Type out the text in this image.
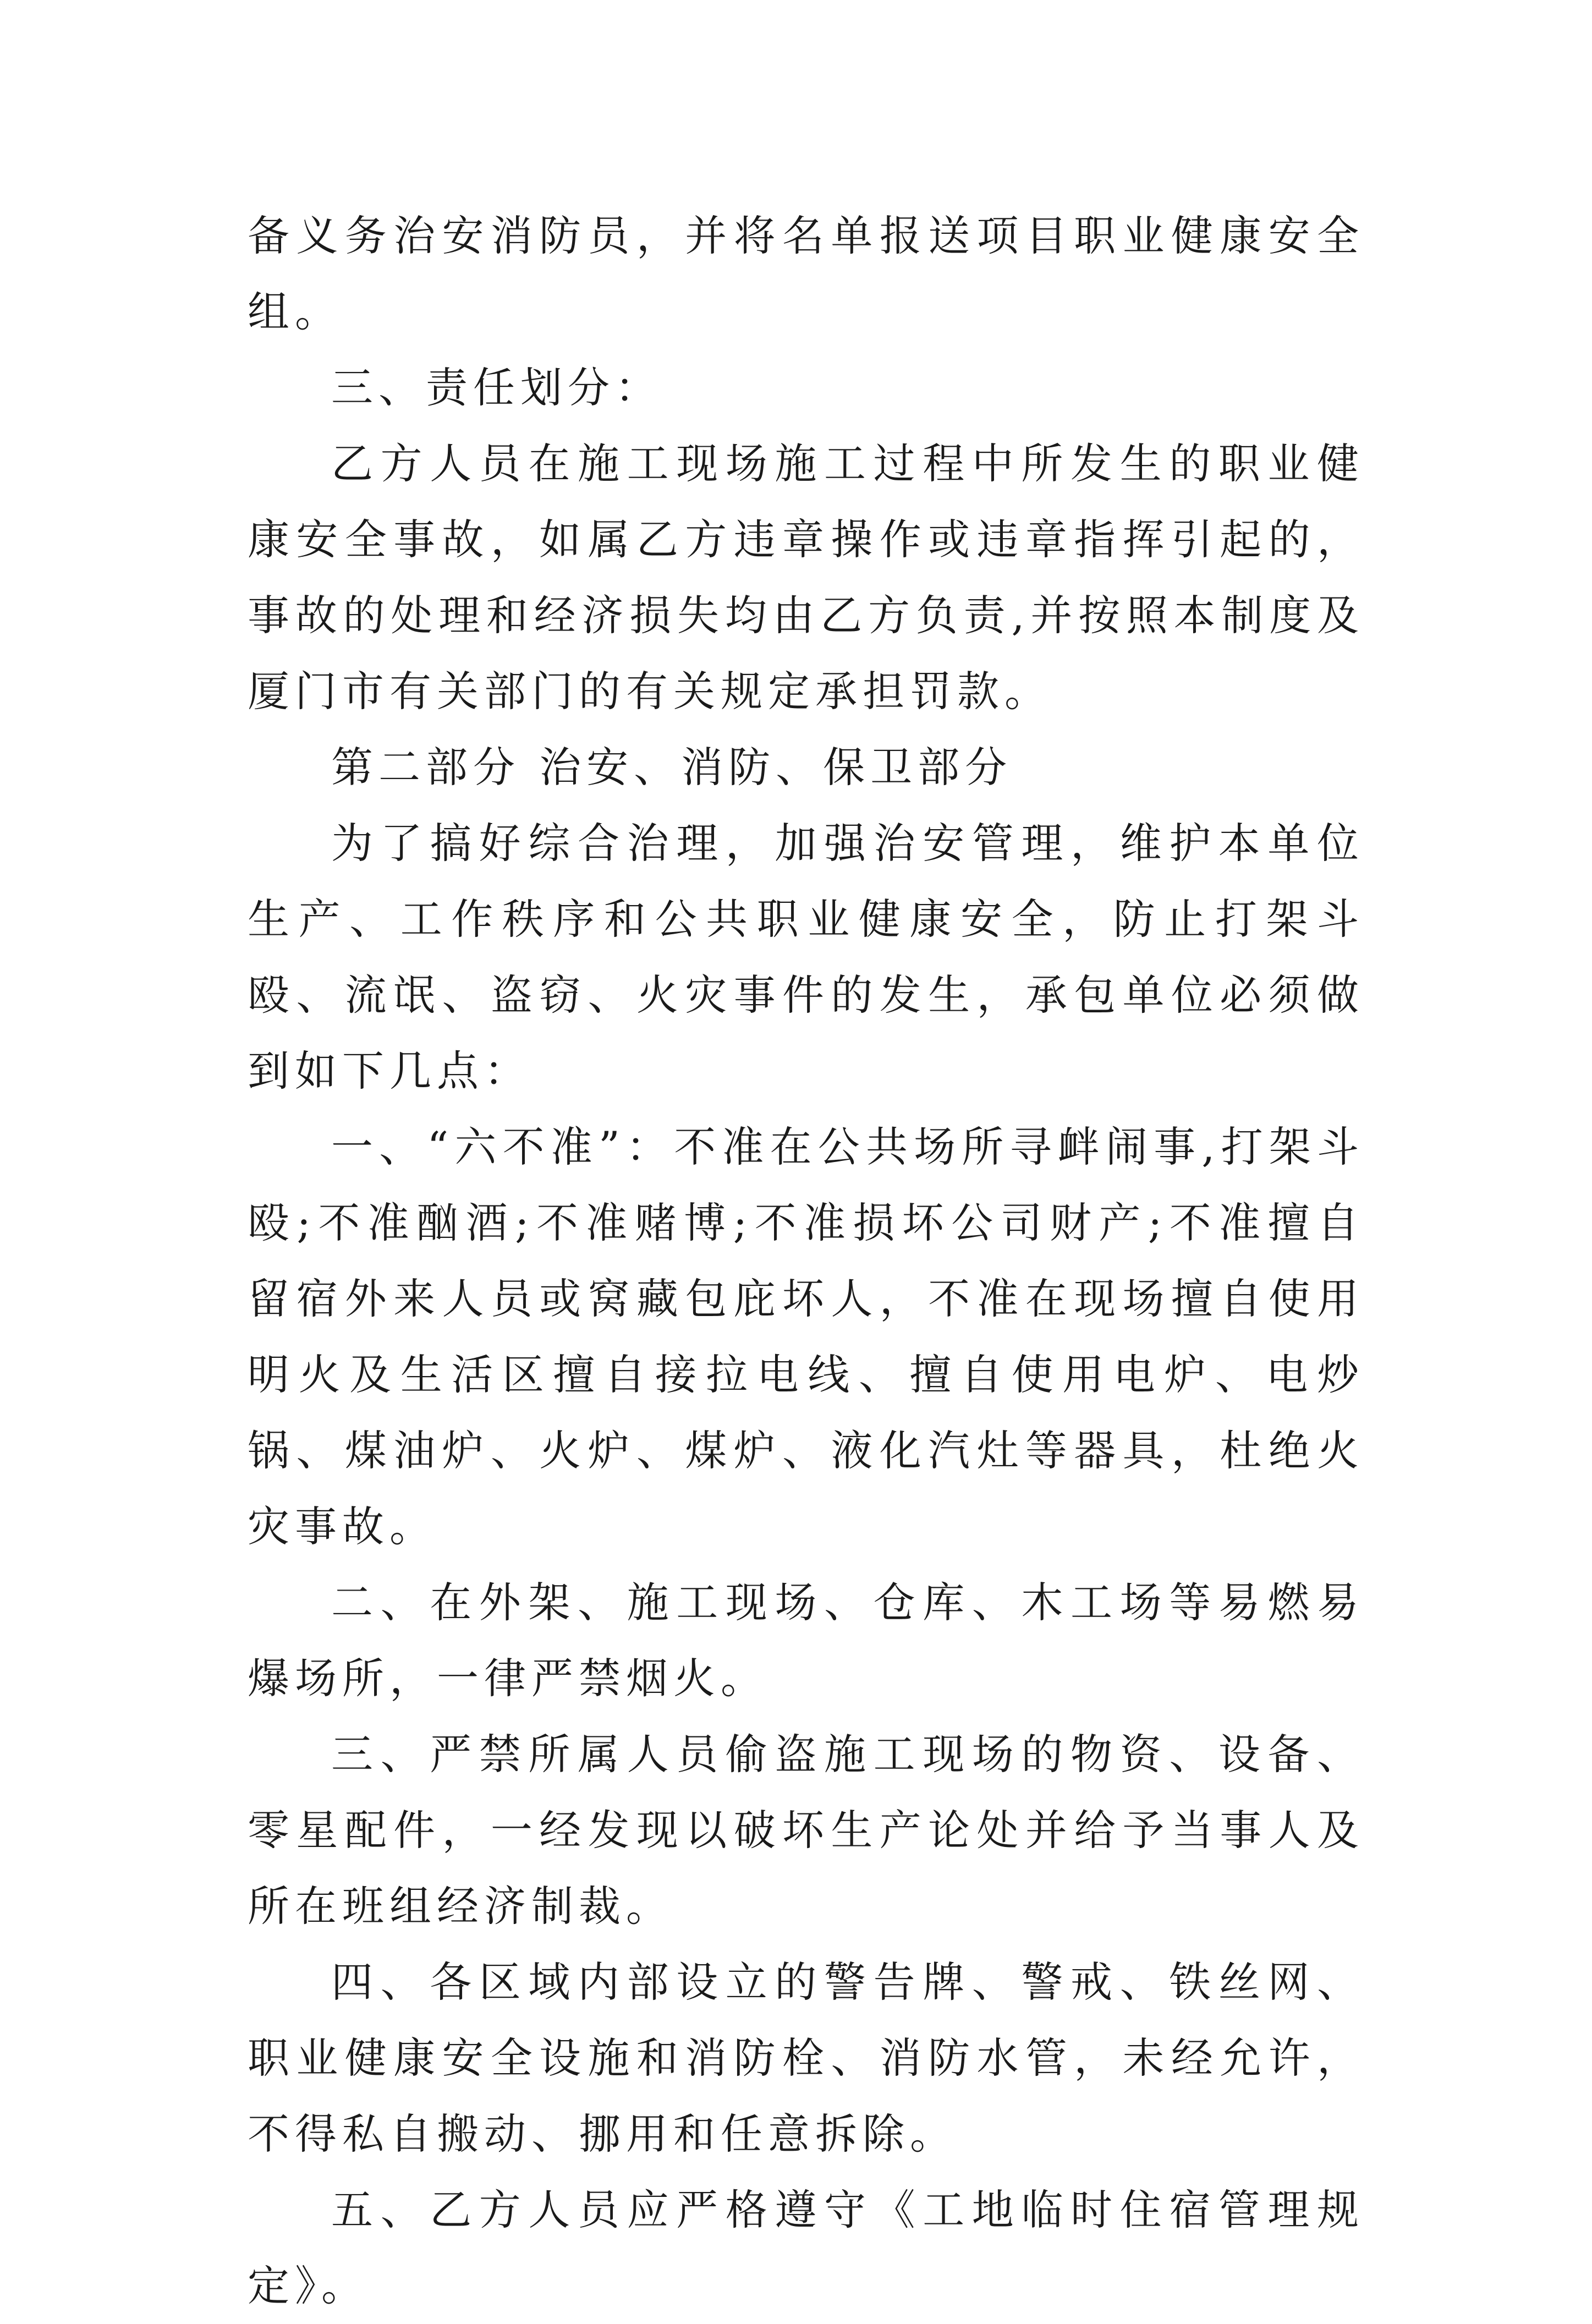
备义务治安消防员，并将名单报送项目职业健康安全组。

三、责任划分：

乙方人员在施工现场施工过程中所发生的职业健康安全事故，如属乙方违章操作或违章指挥引起的，事故的处理和经济损失均由乙方负责,并按照本制度及厦门市有关部门的有关规定承担罚款。

第二部分 治安、消防、保卫部分

为了搞好综合治理，加强治安管理，维护本单位生产、工作秩序和公共职业健康安全，防止打架斗殴、流氓、盗窃、火灾事件的发生，承包单位必须做到如下几点：

一、“六不准”：不准在公共场所寻衅闹事,打架斗殴;不准酗酒;不准赌博;不准损坏公司财产;不准擅自留宿外来人员或窝藏包庇坏人，不准在现场擅自使用明火及生活区擅自接拉电线、擅自使用电炉、电炒锅、煤油炉、火炉、煤炉、液化汽灶等器具，杜绝火灾事故。

二、在外架、施工现场、仓库、木工场等易燃易爆场所，一律严禁烟火。

三、严禁所属人员偷盗施工现场的物资、设备、零星配件，一经发现以破坏生产论处并给予当事人及所在班组经济制裁。

四、各区域内部设立的警告牌、警戒、铁丝网、职业健康安全设施和消防栓、消防水管，未经允许，不得私自搬动、挪用和任意拆除。

五、乙方人员应严格遵守《工地临时住宿管理规定》。
